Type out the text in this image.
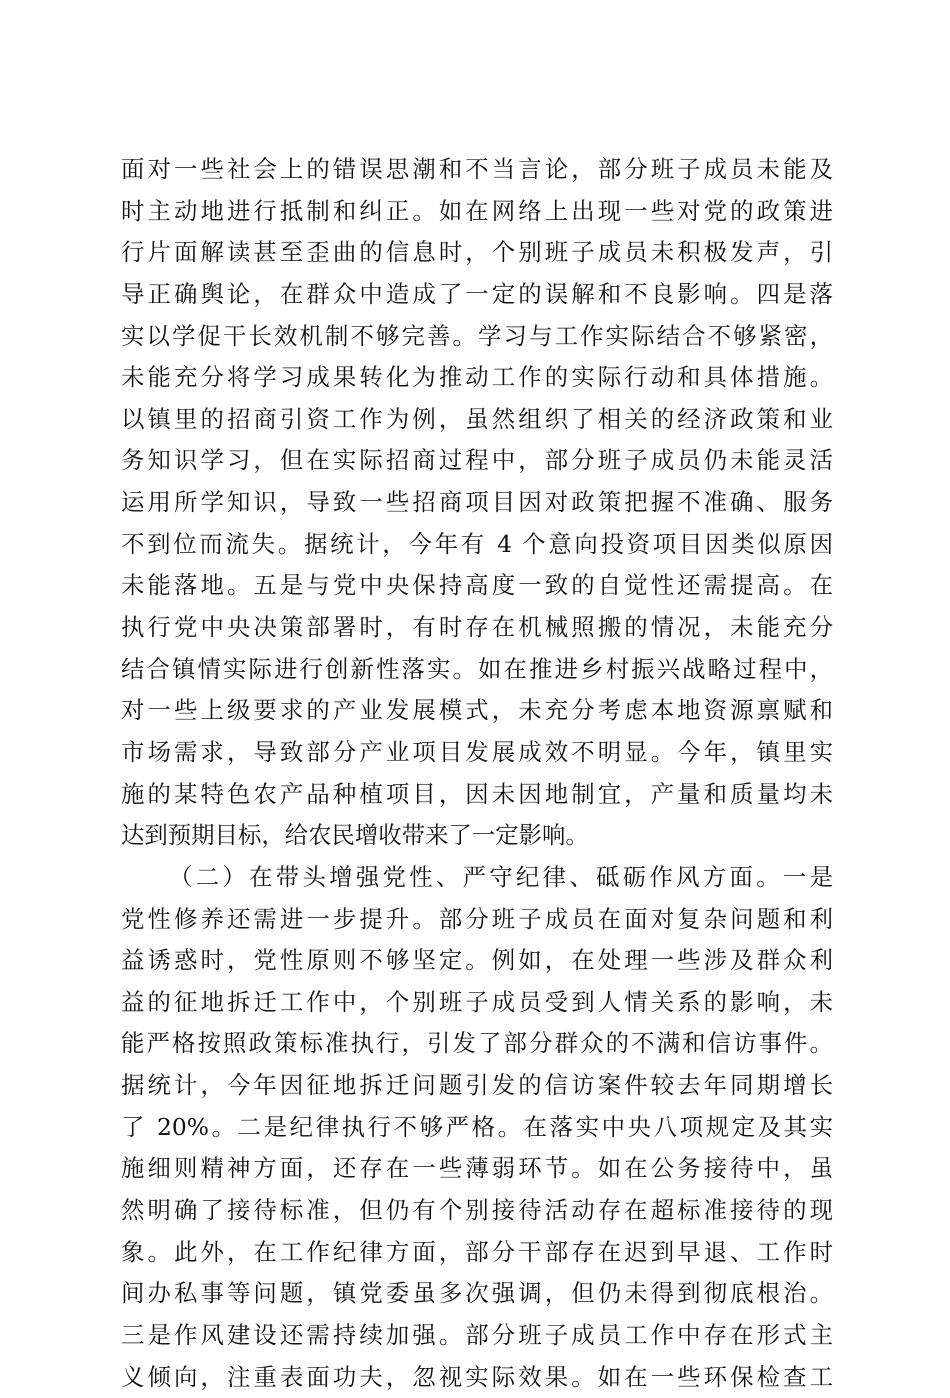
面对一些社会上的错误思潮和不当言论，部分班子成员未能及
时主动地进行抵制和纠正。如在网络上出现一些对党的政策进
行片面解读甚至歪曲的信息时，个别班子成员未积极发声，引
导正确舆论，在群众中造成了一定的误解和不良影响。四是落
实以学促干长效机制不够完善。学习与工作实际结合不够紧密，
未能充分将学习成果转化为推动工作的实际行动和具体措施。
以镇里的招商引资工作为例，虽然组织了相关的经济政策和业
务知识学习，但在实际招商过程中，部分班子成员仍未能灵活
运用所学知识，导致一些招商项目因对政策把握不准确、服务
不到位而流失。据统计，今年有 4 个意向投资项目因类似原因
未能落地。五是与党中央保持高度一致的自觉性还需提高。在
执行党中央决策部署时，有时存在机械照搬的情况，未能充分
结合镇情实际进行创新性落实。如在推进乡村振兴战略过程中，
对一些上级要求的产业发展模式，未充分考虑本地资源禀赋和
市场需求，导致部分产业项目发展成效不明显。今年，镇里实
施的某特色农产品种植项目，因未因地制宜，产量和质量均未
达到预期目标，给农民增收带来了一定影响。
（二）在带头增强党性、严守纪律、砥砺作风方面。一是
党性修养还需进一步提升。部分班子成员在面对复杂问题和利
益诱惑时，党性原则不够坚定。例如，在处理一些涉及群众利
益的征地拆迁工作中，个别班子成员受到人情关系的影响，未
能严格按照政策标准执行，引发了部分群众的不满和信访事件。
据统计，今年因征地拆迁问题引发的信访案件较去年同期增长
了 20%。二是纪律执行不够严格。在落实中央八项规定及其实
施细则精神方面，还存在一些薄弱环节。如在公务接待中，虽
然明确了接待标准，但仍有个别接待活动存在超标准接待的现
象。此外，在工作纪律方面，部分干部存在迟到早退、工作时
间办私事等问题，镇党委虽多次强调，但仍未得到彻底根治。
三是作风建设还需持续加强。部分班子成员工作中存在形式主
义倾向，注重表面功夫，忽视实际效果。如在一些环保检查工
